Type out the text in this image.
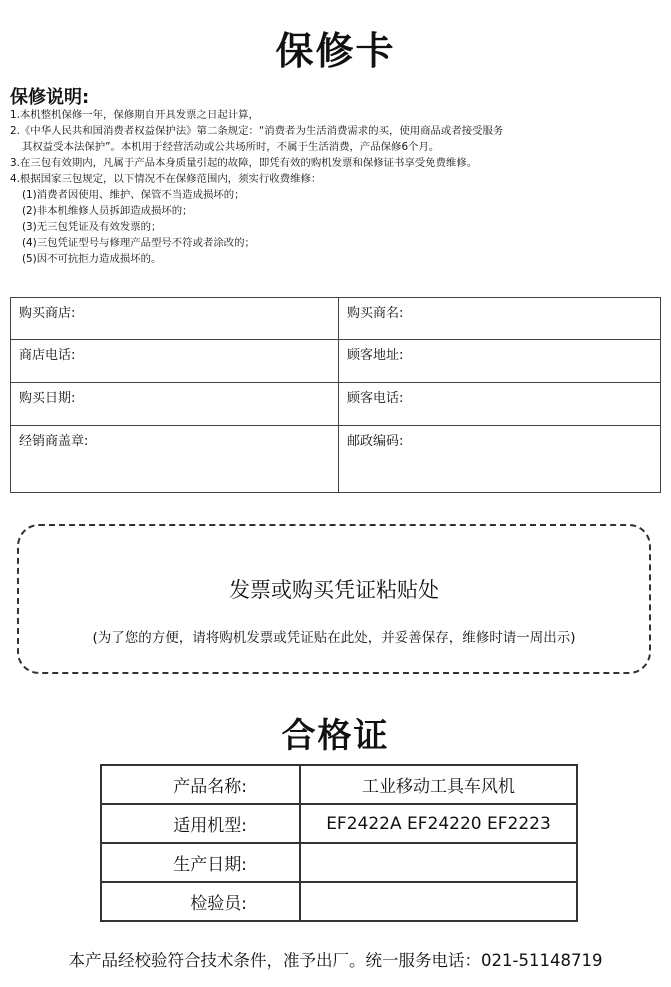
保修卡
保修说明:
1.本机整机保修一年，保修期自开具发票之日起计算，
2.《中华人民共和国消费者权益保护法》第二条规定：“消费者为生活消费需求的买，使用商品或者接受服务
其权益受本法保护”。本机用于经营活动或公共场所时，不属于生活消费，产品保修6个月。
3.在三包有效期内，凡属于产品本身质量引起的故障，即凭有效的购机发票和保修证书享受免费维修。
4.根据国家三包规定，以下情况不在保修范围内，须实行收费维修：
(1)消费者因使用、维护、保管不当造成损坏的；
(2)非本机维修人员拆卸造成损坏的；
(3)无三包凭证及有效发票的；
(4)三包凭证型号与修理产品型号不符或者涂改的；
(5)因不可抗拒力造成损坏的。
购买商店:	购买商名:
商店电话:	顾客地址:
购买日期:	顾客电话:
经销商盖章:	邮政编码:
发票或购买凭证粘贴处
(为了您的方便，请将购机发票或凭证贴在此处，并妥善保存，维修时请一周出示)
合格证
产品名称:	工业移动工具车风机
适用机型:	EF2422A EF24220 EF2223
生产日期:	
检验员:	
本产品经校验符合技术条件，准予出厂。统一服务电话：021-51148719
